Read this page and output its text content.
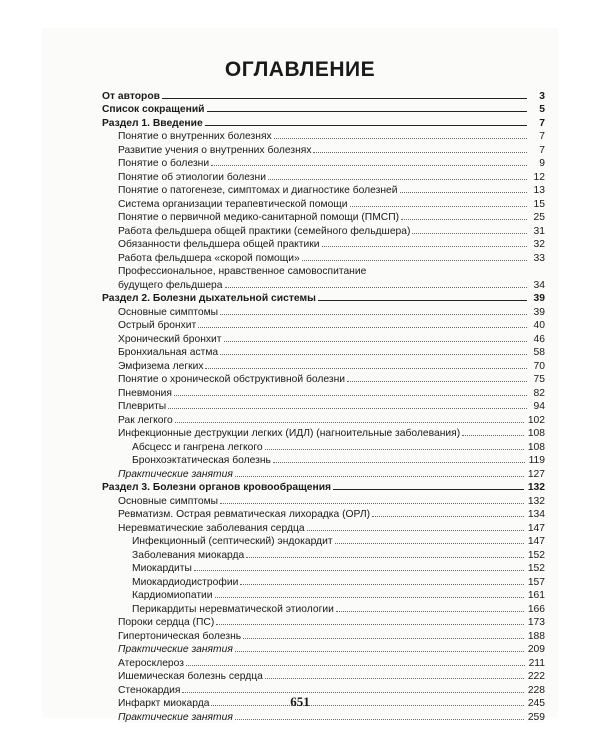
ОГЛАВЛЕНИЕ
От авторов	3
Список сокращений	5
Раздел 1. Введение	7
Понятие о внутренних болезнях	7
Развитие учения о внутренних болезнях	7
Понятие о болезни	9
Понятие об этиологии болезни	12
Понятие о патогенезе, симптомах и диагностике болезней	13
Система организации терапевтической помощи	15
Понятие о первичной медико-санитарной помощи (ПМСП)	25
Работа фельдшера общей практики (семейного фельдшера)	31
Обязанности фельдшера общей практики	32
Работа фельдшера «скорой помощи»	33
Профессиональное, нравственное самовоспитание
будущего фельдшера	34
Раздел 2. Болезни дыхательной системы	39
Основные симптомы	39
Острый бронхит	40
Хронический бронхит	46
Бронхиальная астма	58
Эмфизема легких	70
Понятие о хронической обструктивной болезни	75
Пневмония	82
Плевриты	94
Рак легкого	102
Инфекционные деструкции легких (ИДЛ) (нагноительные заболевания)	108
Абсцесс и гангрена легкого	108
Бронхоэктатическая болезнь	119
Практические занятия	127
Раздел 3. Болезни органов кровообращения	132
Основные симптомы	132
Ревматизм. Острая ревматическая лихорадка (ОРЛ)	134
Неревматические заболевания сердца	147
Инфекционный (септический) эндокардит	147
Заболевания миокарда	152
Миокардиты	152
Миокардиодистрофии	157
Кардиомиопатии	161
Перикардиты неревматической этиологии	166
Пороки сердца (ПС)	173
Гипертоническая болезнь	188
Практические занятия	209
Атеросклероз	211
Ишемическая болезнь сердца	222
Стенокардия	228
Инфаркт миокарда	245
Практические занятия	259
651
